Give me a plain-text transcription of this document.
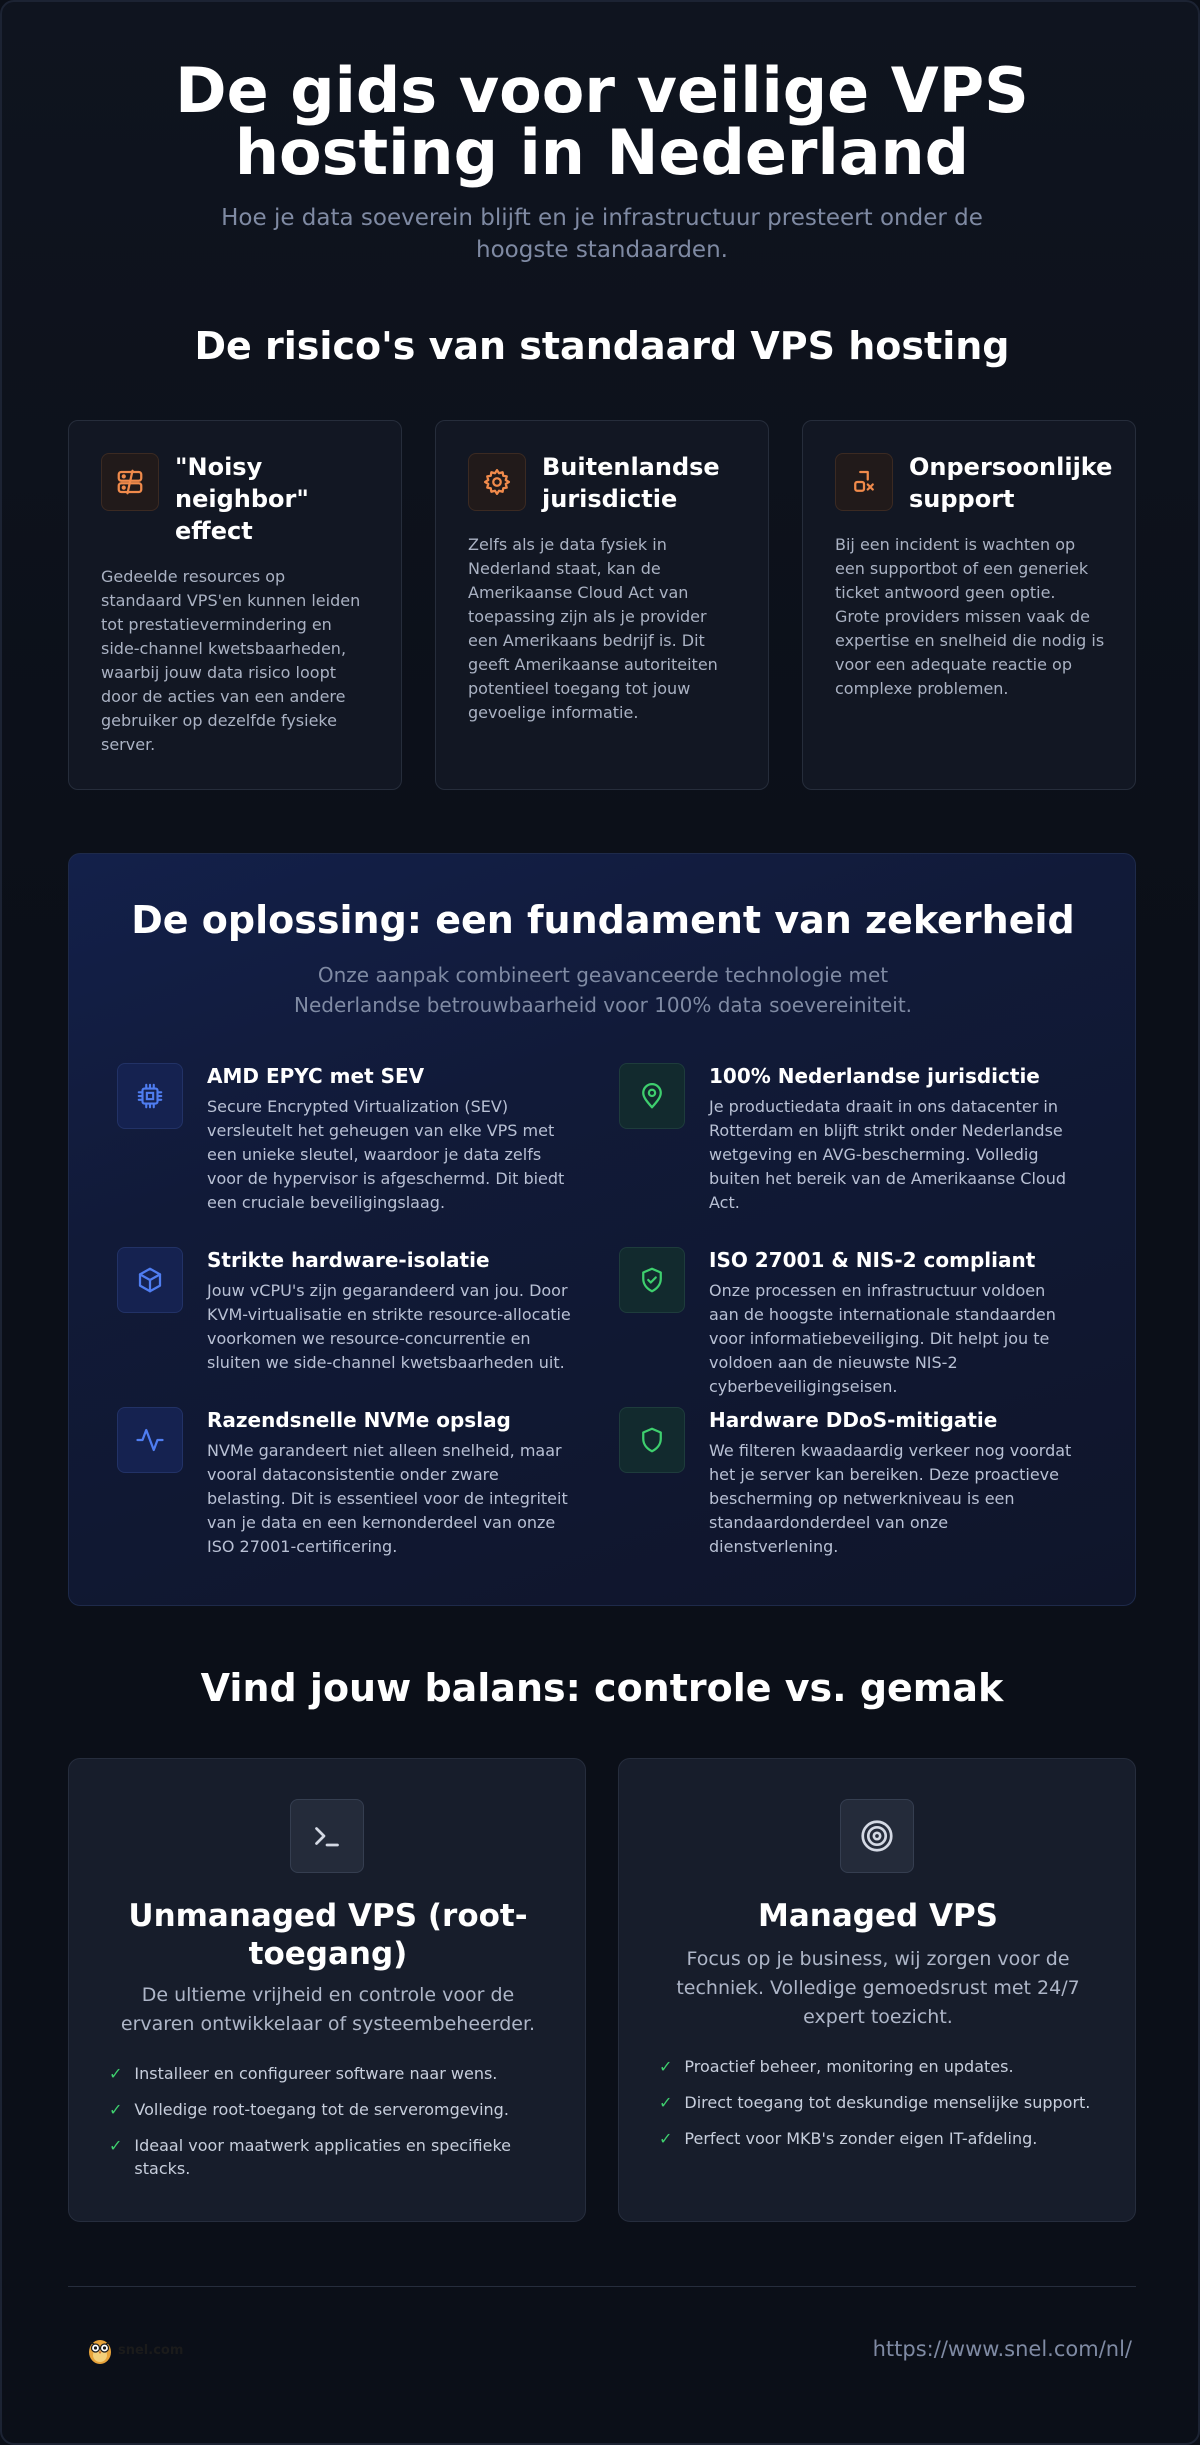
De gids voor veilige VPS hosting in Nederland

Hoe je data soeverein blijft en je infrastructuur presteert onder de hoogste standaarden.

De risico's van standaard VPS hosting
"Noisy neighbor" effect
Gedeelde resources op standaard VPS'en kunnen leiden tot prestatievermindering en side-channel kwetsbaarheden, waarbij jouw data risico loopt door de acties van een andere gebruiker op dezelfde fysieke server.
Buitenlandse jurisdictie
Zelfs als je data fysiek in Nederland staat, kan de Amerikaanse Cloud Act van toepassing zijn als je provider een Amerikaans bedrijf is. Dit geeft Amerikaanse autoriteiten potentieel toegang tot jouw gevoelige informatie.
Onpersoonlijke support
Bij een incident is wachten op een supportbot of een generiek ticket antwoord geen optie. Grote providers missen vaak de expertise en snelheid die nodig is voor een adequate reactie op complexe problemen.
De oplossing: een fundament van zekerheid
Onze aanpak combineert geavanceerde technologie met Nederlandse betrouwbaarheid voor 100% data soevereiniteit.
AMD EPYC met SEV
Secure Encrypted Virtualization (SEV) versleutelt het geheugen van elke VPS met een unieke sleutel, waardoor je data zelfs voor de hypervisor is afgeschermd. Dit biedt een cruciale beveiligingslaag.
100% Nederlandse jurisdictie
Je productiedata draait in ons datacenter in Rotterdam en blijft strikt onder Nederlandse wetgeving en AVG-bescherming. Volledig buiten het bereik van de Amerikaanse Cloud Act.
Strikte hardware-isolatie
Jouw vCPU's zijn gegarandeerd van jou. Door KVM-virtualisatie en strikte resource-allocatie voorkomen we resource-concurrentie en sluiten we side-channel kwetsbaarheden uit.
ISO 27001 & NIS-2 compliant
Onze processen en infrastructuur voldoen aan de hoogste internationale standaarden voor informatiebeveiliging. Dit helpt jou te voldoen aan de nieuwste NIS-2 cyberbeveiligingseisen.
Razendsnelle NVMe opslag
NVMe garandeert niet alleen snelheid, maar vooral dataconsistentie onder zware belasting. Dit is essentieel voor de integriteit van je data en een kernonderdeel van onze ISO 27001-certificering.
Hardware DDoS-mitigatie
We filteren kwaadaardig verkeer nog voordat het je server kan bereiken. Deze proactieve bescherming op netwerkniveau is een standaardonderdeel van onze dienstverlening.
Vind jouw balans: controle vs. gemak
Unmanaged VPS (root-toegang)
De ultieme vrijheid en controle voor de ervaren ontwikkelaar of systeembeheerder.
✓ Installeer en configureer software naar wens.
✓ Volledige root-toegang tot de serveromgeving.
✓ Ideaal voor maatwerk applicaties en specifieke stacks.
Managed VPS
Focus op je business, wij zorgen voor de techniek. Volledige gemoedsrust met 24/7 expert toezicht.
✓ Proactief beheer, monitoring en updates.
✓ Direct toegang tot deskundige menselijke support.
✓ Perfect voor MKB's zonder eigen IT-afdeling.
snel.com	https://www.snel.com/nl/
